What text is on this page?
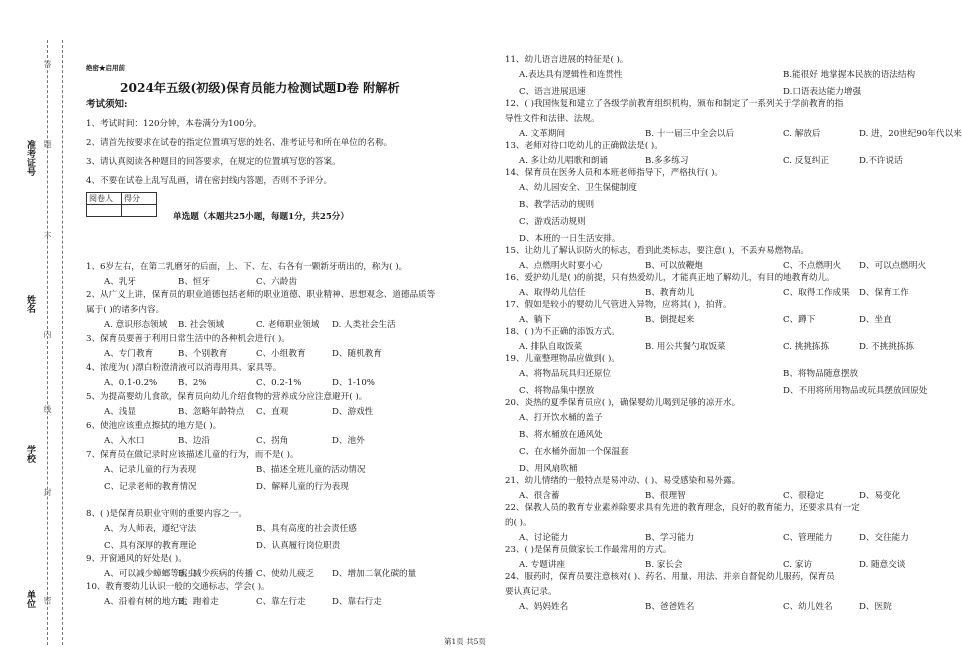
准考证号
姓名
学校
单位
答
题
不
内
线
封
密
绝密★启用前
2024年五级(初级)保育员能力检测试题D卷 附解析
考试须知:
1、考试时间：120分钟，本卷满分为100分。
2、请首先按要求在试卷的指定位置填写您的姓名、准考证号和所在单位的名称。
3、请认真阅读各种题目的回答要求，在规定的位置填写您的答案。
4、不要在试卷上乱写乱画，请在密封线内答题，否则不予评分。
阅卷人	得分

单选题（本题共25小题，每题1分，共25分）
1、6岁左右，在第二乳磨牙的后面，上、下、左、右各有一颗新牙萌出的，称为( )。
A、乳牙	B、恒牙	C、六龄齿
2、从广义上讲，保育员的职业道德包括老师的职业道德、职业精神、思想观念、道德品质等
属于( )的诸多内容。
A. 意识形态领域 B. 社会领域	C. 老师职业领域 D. 人类社会生活
3、保育员要善于利用日常生活中的各种机会进行( )。
A、专门教育	B、个别教育	C、小组教育	D、随机教育
4、浓度为( )漂白粉澄清液可以消毒用具、家具等。
A、0.1-0.2% B、2%	C、0.2-1%	D、1-10%
5、为提高婴幼儿食欲，保育员向幼儿介绍食物的营养成分应注意避开( )。
A、浅显	B、忽略年龄特点 C、直观	D、游戏性
6、使池应该重点擦拭的地方是( )。
A、入水口	B、边沿	C、拐角	D、池外
7、保育员在做记录时应该描述儿童的行为，而不是( )。
A、记录儿童的行为表现	B、描述全班儿童的活动情况
C、记录老师的教育情况	D、解释儿童的行为表现
8、( )是保育员职业守则的重要内容之一。
A、为人师表，遵纪守法	B、具有高度的社会责任感
C、具有深厚的教育理论	D、认真履行岗位职责
9、开窗通风的好处是( )。
A、可以减少蟑螂等害虫
B、减少疾病的传播 C、使幼儿疲乏 D、增加二氧化碳的量
10、教育婴幼儿认识一般的交通标志，学会( )。
A、沿着有树的地方走
B、跑着走	C、靠左行走	D、靠右行走
11、幼儿语言进展的特征是( )。
A.表达具有逻辑性和连贯性	B.能很好 地掌握本民族的语法结构
C、语言进展迅速	D.口语表达能力增强
12、( )我国恢复和建立了各级学前教育组织机构，颁布和制定了一系列关于学前教育的指
导性文件和法律、法规。
A. 文革期间	B. 十一届三中全会以后	C. 解放后	D. 进，20世纪90年代以来
13、老师对待口吃幼儿的正确做法是( )。
A. 多让幼儿唱歌和朗诵	B.多多练习	C. 反复纠正	D.不许说话
14、保育员在医务人员和本班老师指导下，严格执行( )。
A、幼儿园安全、卫生保健制度
B、教学活动的规则
C、游戏活动规则
D、本班的一日生活安排。
15、让幼儿了解认识防火的标志，看到此类标志，要注意( )，不丢弃易燃物品。
A、点燃明火时要小心	B、可以放鞭炮	C、不点燃明火 D、可以点燃明火
16、爱护幼儿是( )的前提，只有热爱幼儿，才能真正地了解幼儿，有目的地教育幼儿。
A、取得幼儿信任	B、教育幼儿	C、取得工作成果 D、保育工作
17、假如是较小的婴幼儿气管进入异物，应将其( )，拍背。
A、躺下	B、倒提起来	C、蹲下	D、坐直
18、( )为不正确的添饭方式。
A. 排队自取饭菜	B. 用公共餐勺取饭菜	C. 挑挑拣拣	D. 不挑挑拣拣
19、儿童整理物品应做到( )。
A、将物品玩具归还原位	B、将物品随意摆放
C、将物品集中摆放	D、不用将所用物品或玩具摆放回原处
20、炎热的夏季保育员应( )，确保婴幼儿喝到足够的凉开水。
A、打开饮水桶的盖子
B、将水桶放在通风处
C、在水桶外面加一个保温套
D、用风扇吹桶
21、幼儿情绪的一般特点是易冲动、( )、易受感染和易外露。
A、很含蓄	B、很理智	C、很稳定	D、易变化
22、保教人员的教育专业素养除要求具有先进的教育理念，良好的教育能力，还要求具有一定
的( )。
A、讨论能力	B、学习能力	C、管理能力	D、交往能力
23、( )是保育员做家长工作最常用的方式。
A. 专题讲座	B. 家长会	C. 家访	D. 随意交谈
24、服药时，保育员要注意核对( )、药名、用量、用法、并亲自督促幼儿服药，保育员
要认真记录。
A、妈妈姓名	B、爸爸姓名	C、幼儿姓名	D、医院
第1页 共5页
